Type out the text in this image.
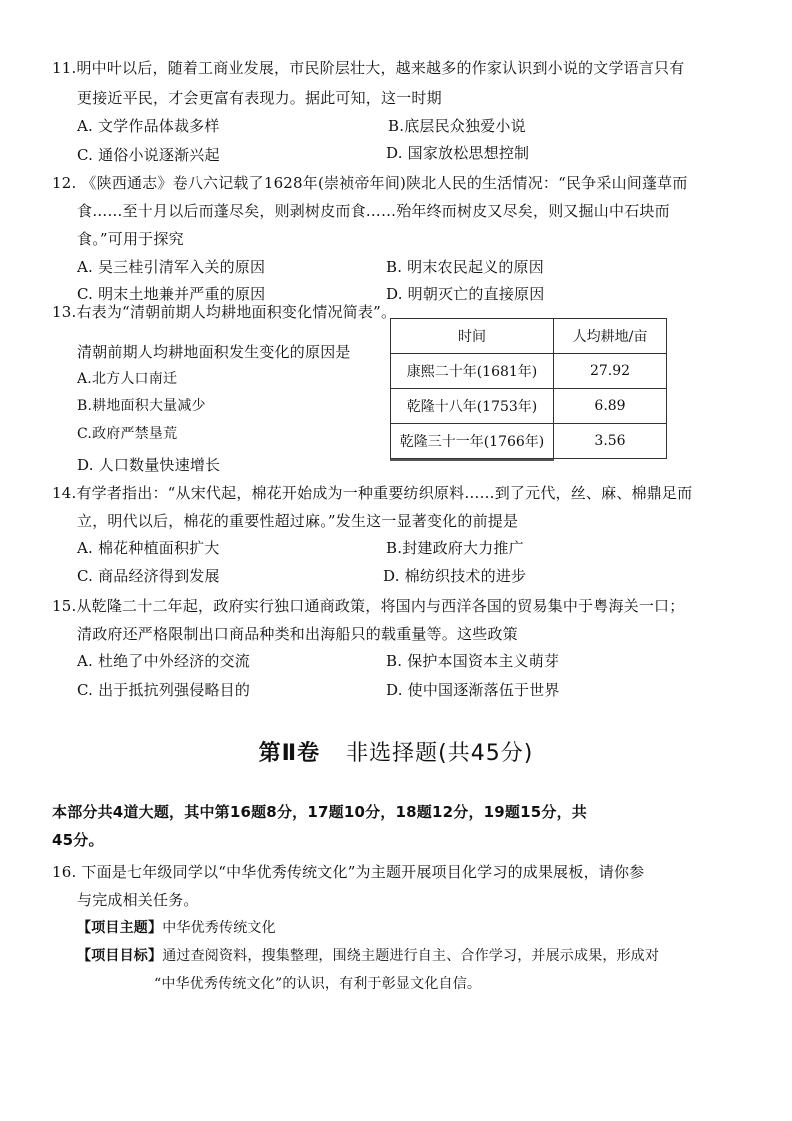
11.明中叶以后，随着工商业发展，市民阶层壮大，越来越多的作家认识到小说的文学语言只有
更接近平民，才会更富有表现力。据此可知，这一时期
A. 文学作品体裁多样	B.底层民众独爱小说
C. 通俗小说逐渐兴起	D. 国家放松思想控制
12. 《陕西通志》卷八六记载了1628年(崇祯帝年间)陕北人民的生活情况：“民争采山间蓬草而
食……至十月以后而蓬尽矣，则剥树皮而食……殆年终而树皮又尽矣，则又掘山中石块而
食。”可用于探究
A. 吴三桂引清军入关的原因	B. 明末农民起义的原因
C. 明末土地兼并严重的原因	D. 明朝灭亡的直接原因
13.右表为“清朝前期人均耕地面积变化情况简表”。
清朝前期人均耕地面积发生变化的原因是
A.北方人口南迁
B.耕地面积大量减少
C.政府严禁垦荒
D. 人口数量快速增长
时间	人均耕地/亩
康熙二十年(1681年)	27.92
乾隆十八年(1753年)	6.89
乾隆三十一年(1766年)	3.56
14.有学者指出：“从宋代起，棉花开始成为一种重要纺织原料……到了元代，丝、麻、棉鼎足而
立，明代以后，棉花的重要性超过麻。”发生这一显著变化的前提是
A. 棉花种植面积扩大	B.封建政府大力推广
C. 商品经济得到发展	D. 棉纺织技术的进步
15.从乾隆二十二年起，政府实行独口通商政策，将国内与西洋各国的贸易集中于粤海关一口；
清政府还严格限制出口商品种类和出海船只的载重量等。这些政策
A. 杜绝了中外经济的交流	B. 保护本国资本主义萌芽
C. 出于抵抗列强侵略目的	D. 使中国逐渐落伍于世界
第Ⅱ卷 非选择题(共45分)
本部分共4道大题，其中第16题8分，17题10分，18题12分，19题15分，共
45分。
16. 下面是七年级同学以“中华优秀传统文化”为主题开展项目化学习的成果展板，请你参
与完成相关任务。
【项目主题】中华优秀传统文化
【项目目标】通过查阅资料，搜集整理，围绕主题进行自主、合作学习，并展示成果，形成对
“中华优秀传统文化”的认识，有利于彰显文化自信。
